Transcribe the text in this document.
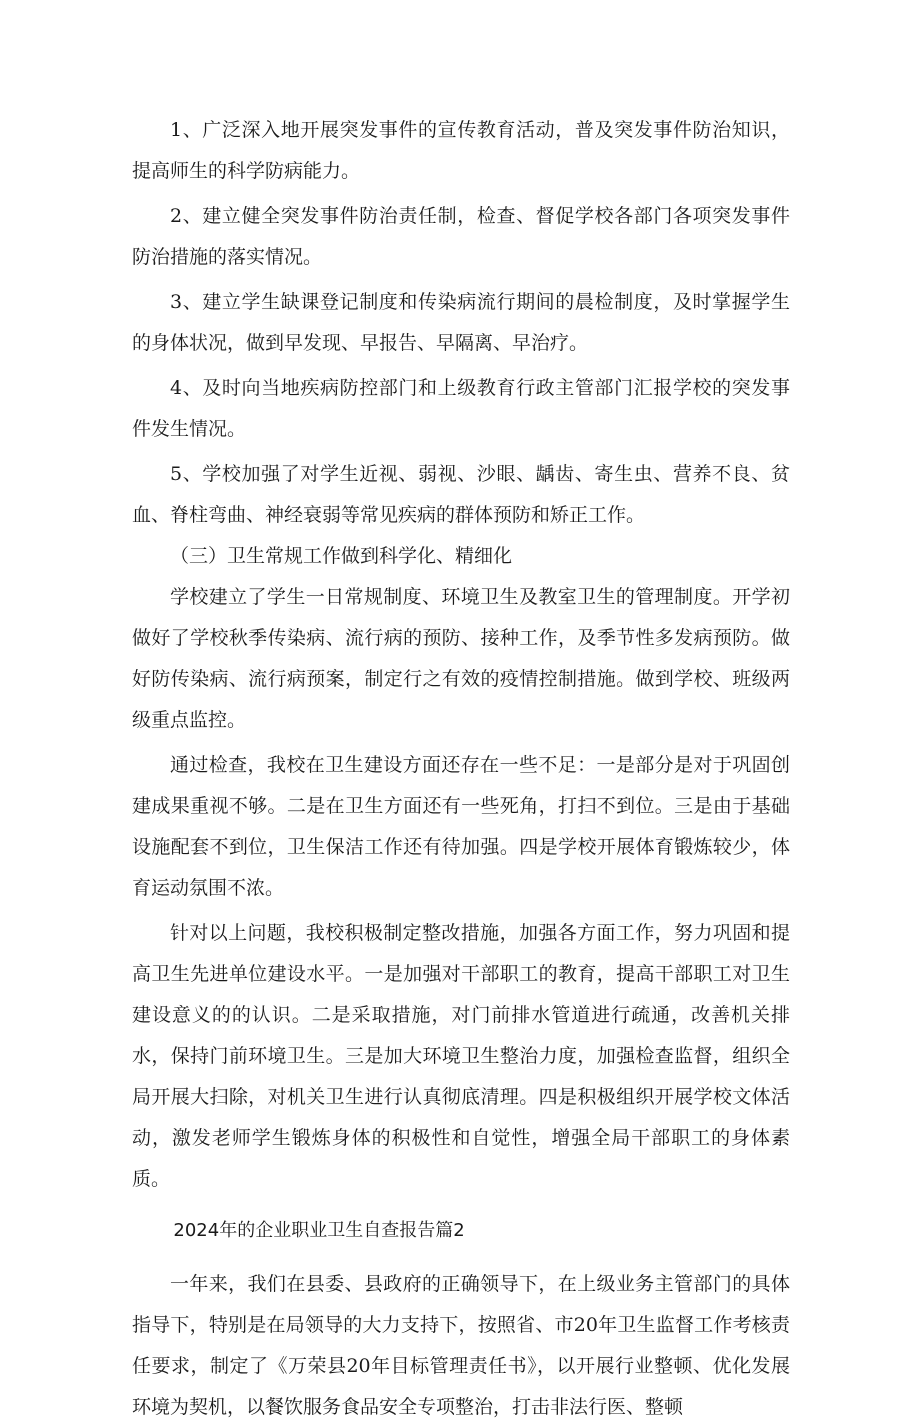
1、广泛深入地开展突发事件的宣传教育活动，普及突发事件防治知识，提高师生的科学防病能力。

2、建立健全突发事件防治责任制，检查、督促学校各部门各项突发事件防治措施的落实情况。

3、建立学生缺课登记制度和传染病流行期间的晨检制度，及时掌握学生的身体状况，做到早发现、早报告、早隔离、早治疗。

4、及时向当地疾病防控部门和上级教育行政主管部门汇报学校的突发事件发生情况。

5、学校加强了对学生近视、弱视、沙眼、龋齿、寄生虫、营养不良、贫血、脊柱弯曲、神经衰弱等常见疾病的群体预防和矫正工作。

（三）卫生常规工作做到科学化、精细化

学校建立了学生一日常规制度、环境卫生及教室卫生的管理制度。开学初做好了学校秋季传染病、流行病的预防、接种工作，及季节性多发病预防。做好防传染病、流行病预案，制定行之有效的疫情控制措施。做到学校、班级两级重点监控。

通过检查，我校在卫生建设方面还存在一些不足：一是部分是对于巩固创建成果重视不够。二是在卫生方面还有一些死角，打扫不到位。三是由于基础设施配套不到位，卫生保洁工作还有待加强。四是学校开展体育锻炼较少，体育运动氛围不浓。

针对以上问题，我校积极制定整改措施，加强各方面工作，努力巩固和提高卫生先进单位建设水平。一是加强对干部职工的教育，提高干部职工对卫生建设意义的的认识。二是采取措施，对门前排水管道进行疏通，改善机关排水，保持门前环境卫生。三是加大环境卫生整治力度，加强检查监督，组织全局开展大扫除，对机关卫生进行认真彻底清理。四是积极组织开展学校文体活动，激发老师学生锻炼身体的积极性和自觉性，增强全局干部职工的身体素质。

2024年的企业职业卫生自查报告篇2

一年来，我们在县委、县政府的正确领导下，在上级业务主管部门的具体指导下，特别是在局领导的大力支持下，按照省、市20年卫生监督工作考核责任要求，制定了《万荣县20年目标管理责任书》，以开展行业整顿、优化发展环境为契机，以餐饮服务食品安全专项整治，打击非法行医、整顿
